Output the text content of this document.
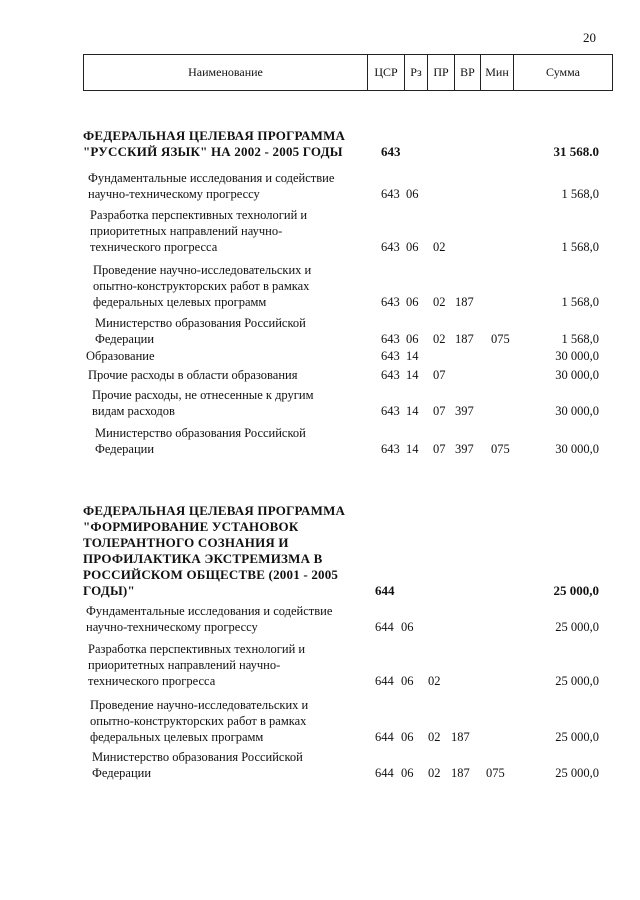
20
Наименование	ЦСР	Рз ПР ВР Мин	Сумма
ФЕДЕРАЛЬНАЯ ЦЕЛЕВАЯ ПРОГРАММА
"РУССКИЙ ЯЗЫК" НА 2002 - 2005 ГОДЫ	643	31 568.0
Фундаментальные исследования и содействие
научно-техническому прогрессу	643 06	1 568,0
Разработка перспективных технологий и
приоритетных направлений научно-
технического прогресса	643 06 02	1 568,0
Проведение научно-исследовательских и
опытно-конструкторских работ в рамках
федеральных целевых программ	643 06 02 187	1 568,0
Министерство образования Российской
Федерации	643 06 02 187 075	1 568,0
Образование	643 14	30 000,0
Прочие расходы в области образования	643 14 07	30 000,0
Прочие расходы, не отнесенные к другим
видам расходов	643 14 07 397	30 000,0
Министерство образования Российской
Федерации	643 14 07 397 075	30 000,0
ФЕДЕРАЛЬНАЯ ЦЕЛЕВАЯ ПРОГРАММА
"ФОРМИРОВАНИЕ УСТАНОВОК
ТОЛЕРАНТНОГО СОЗНАНИЯ И
ПРОФИЛАКТИКА ЭКСТРЕМИЗМА В
РОССИЙСКОМ ОБЩЕСТВЕ (2001 - 2005
ГОДЫ)"	644	25 000,0
Фундаментальные исследования и содействие
научно-техническому прогрессу	644 06	25 000,0
Разработка перспективных технологий и
приоритетных направлений научно-
технического прогресса	644 06 02	25 000,0
Проведение научно-исследовательских и
опытно-конструкторских работ в рамках
федеральных целевых программ	644 06 02 187	25 000,0
Министерство образования Российской
Федерации	644 06 02 187 075	25 000,0
